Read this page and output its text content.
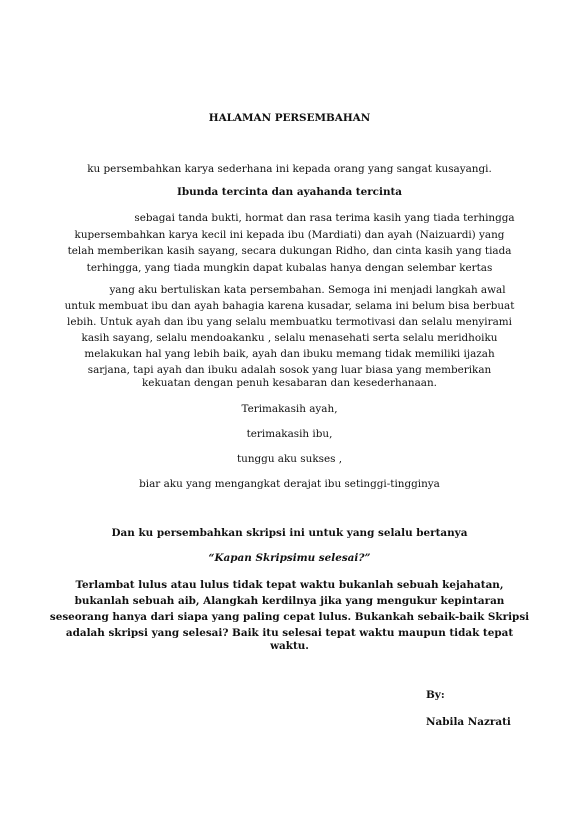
HALAMAN PERSEMBAHAN
ku persembahkan karya sederhana ini kepada orang yang sangat kusayangi.
Ibunda tercinta dan ayahanda tercinta
sebagai tanda bukti, hormat dan rasa terima kasih yang tiada terhingga
kupersembahkan karya kecil ini kepada ibu (Mardiati) dan ayah (Naizuardi) yang
telah memberikan kasih sayang, secara dukungan Ridho, dan cinta kasih yang tiada
terhingga, yang tiada mungkin dapat kubalas hanya dengan selembar kertas
yang aku bertuliskan kata persembahan. Semoga ini menjadi langkah awal
untuk membuat ibu dan ayah bahagia karena kusadar, selama ini belum bisa berbuat
lebih. Untuk ayah dan ibu yang selalu membuatku termotivasi dan selalu menyirami
kasih sayang, selalu mendoakanku , selalu menasehati serta selalu meridhoiku
melakukan hal yang lebih baik, ayah dan ibuku memang tidak memiliki ijazah
sarjana, tapi ayah dan ibuku adalah sosok yang luar biasa yang memberikan
kekuatan dengan penuh kesabaran dan kesederhanaan.
Terimakasih ayah,
terimakasih ibu,
tunggu aku sukses ,
biar aku yang mengangkat derajat ibu setinggi-tingginya
Dan ku persembahkan skripsi ini untuk yang selalu bertanya
“Kapan Skripsimu selesai?”
Terlambat lulus atau lulus tidak tepat waktu bukanlah sebuah kejahatan,
bukanlah sebuah aib, Alangkah kerdilnya jika yang mengukur kepintaran
seseorang hanya dari siapa yang paling cepat lulus. Bukankah sebaik-baik Skripsi
adalah skripsi yang selesai? Baik itu selesai tepat waktu maupun tidak tepat
waktu.
By:
Nabila Nazrati
